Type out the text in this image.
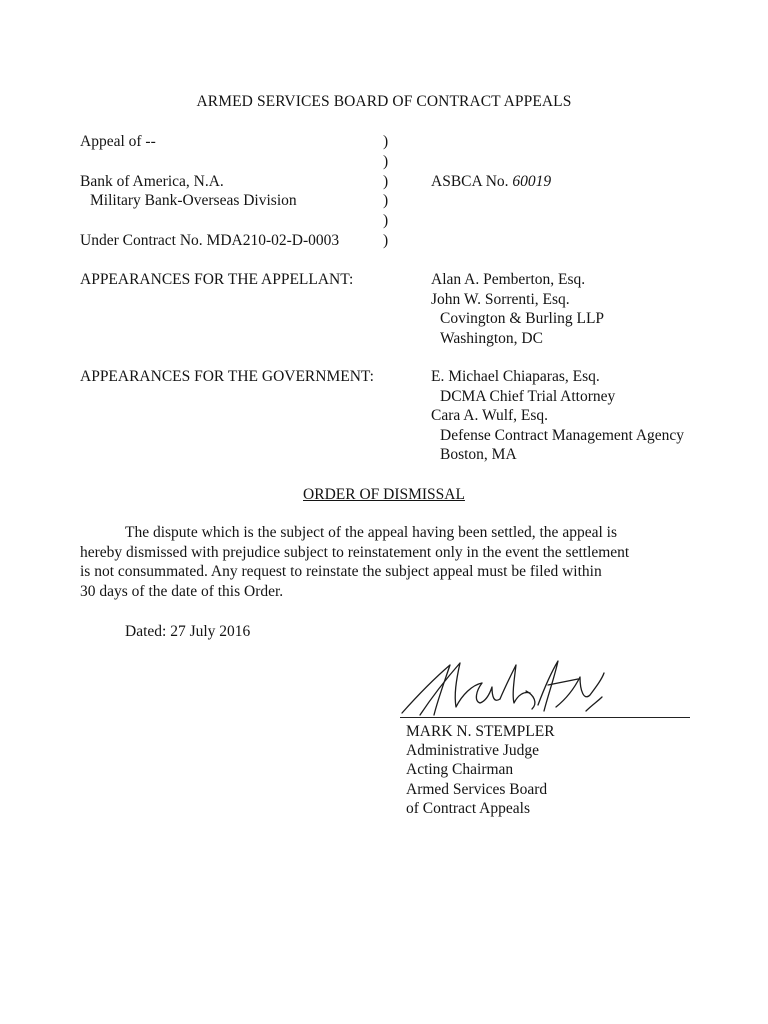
ARMED SERVICES BOARD OF CONTRACT APPEALS
Appeal of --
Bank of America, N.A.
Military Bank-Overseas Division
Under Contract No. MDA210-02-D-0003
)
)
)
)
)
)
ASBCA No. 60019
APPEARANCES FOR THE APPELLANT:	Alan A. Pemberton, Esq.
John W. Sorrenti, Esq.
Covington & Burling LLP
Washington, DC
APPEARANCES FOR THE GOVERNMENT:	E. Michael Chiaparas, Esq.
DCMA Chief Trial Attorney
Cara A. Wulf, Esq.
Defense Contract Management Agency
Boston, MA
ORDER OF DISMISSAL
The dispute which is the subject of the appeal having been settled, the appeal is
hereby dismissed with prejudice subject to reinstatement only in the event the settlement
is not consummated. Any request to reinstate the subject appeal must be filed within
30 days of the date of this Order.
Dated: 27 July 2016
MARK N. STEMPLER
Administrative Judge
Acting Chairman
Armed Services Board
of Contract Appeals
